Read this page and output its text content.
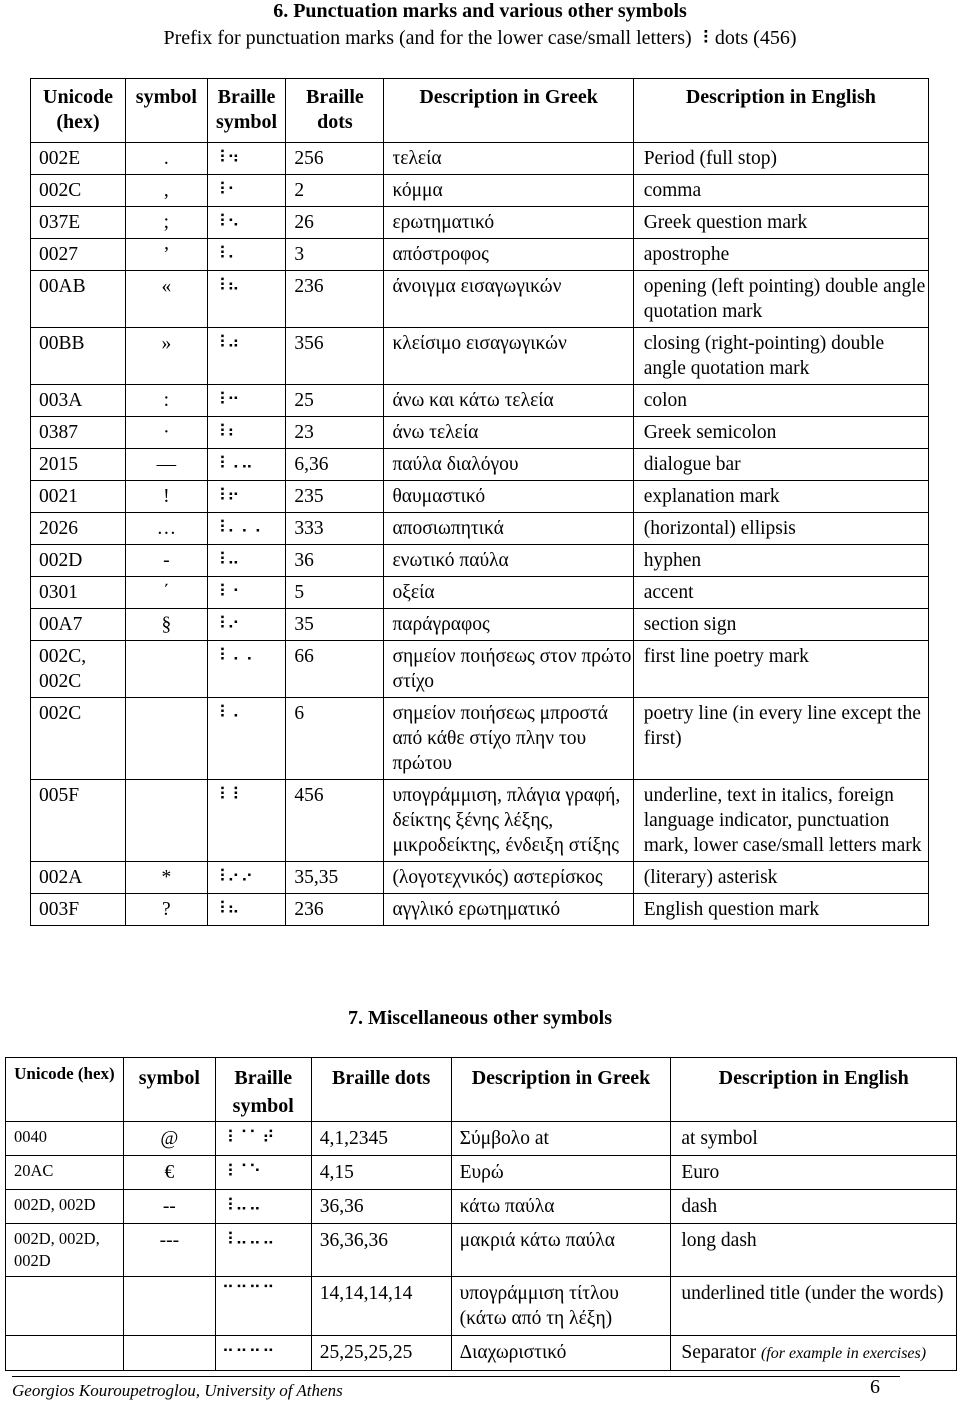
6. Punctuation marks and various other symbols
Prefix for punctuation marks (and for the lower case/small letters) ⠸ dots (456)
Unicode (hex)	symbol	Braille symbol	Braille dots	Description in Greek	Description in English
002E	.	⠸⠲	256	τελεία	Period (full stop)
002C	,	⠸⠂	2	κόμμα	comma
037E	;	⠸⠢	26	ερωτηματικό	Greek question mark
0027	’	⠸⠄	3	απόστροφος	apostrophe
00AB	«	⠸⠦	236	άνοιγμα εισαγωγικών	opening (left pointing) double angle quotation mark
00BB	»	⠸⠴	356	κλείσιμο εισαγωγικών	closing (right-pointing) double angle quotation mark
003A	:	⠸⠒	25	άνω και κάτω τελεία	colon
0387	·	⠸⠆	23	άνω τελεία	Greek semicolon
2015	—	⠸⠠⠤	6,36	παύλα διαλόγου	dialogue bar
0021	!	⠸⠖	235	θαυμαστικό	explanation mark
2026	…	⠸⠄⠄⠄	333	αποσιωπητικά	(horizontal) ellipsis
002D	-	⠸⠤	36	ενωτικό παύλα	hyphen
0301	΄	⠸⠐	5	οξεία	accent
00A7	§	⠸⠔	35	παράγραφος	section sign
002C, 002C		⠸⠠⠠	66	σημείον ποιήσεως στον πρώτο στίχο	first line poetry mark
002C		⠸⠠	6	σημείον ποιήσεως μπροστά από κάθε στίχο πλην του πρώτου	poetry line (in every line except the first)
005F		⠸⠸	456	υπογράμμιση, πλάγια γραφή, δείκτης ξένης λέξης, μικροδείκτης, ένδειξη στίξης	underline, text in italics, foreign language indicator, punctuation mark, lower case/small letters mark
002A	*	⠸⠔⠔	35,35	(λογοτεχνικός) αστερίσκος	(literary) asterisk
003F	?	⠸⠦	236	αγγλικό ερωτηματικό	English question mark
7. Miscellaneous other symbols
Unicode (hex)	symbol	Braille symbol	Braille dots	Description in Greek	Description in English
0040	@	⠸⠈⠁⠞	4,1,2345	Σύμβολο at	at symbol
20AC	€	⠸⠈⠑	4,15	Ευρώ	Euro
002D, 002D	--	⠸⠤⠤	36,36	κάτω παύλα	dash
002D, 002D, 002D	---	⠸⠤⠤⠤	36,36,36	μακριά κάτω παύλα	long dash
		⠉⠉⠉⠉	14,14,14,14	υπογράμμιση τίτλου (κάτω από τη λέξη)	underlined title (under the words)
		⠒⠒⠒⠒	25,25,25,25	Διαχωριστικό	Separator (for example in exercises)
Georgios Kouroupetroglou, University of Athens	6
